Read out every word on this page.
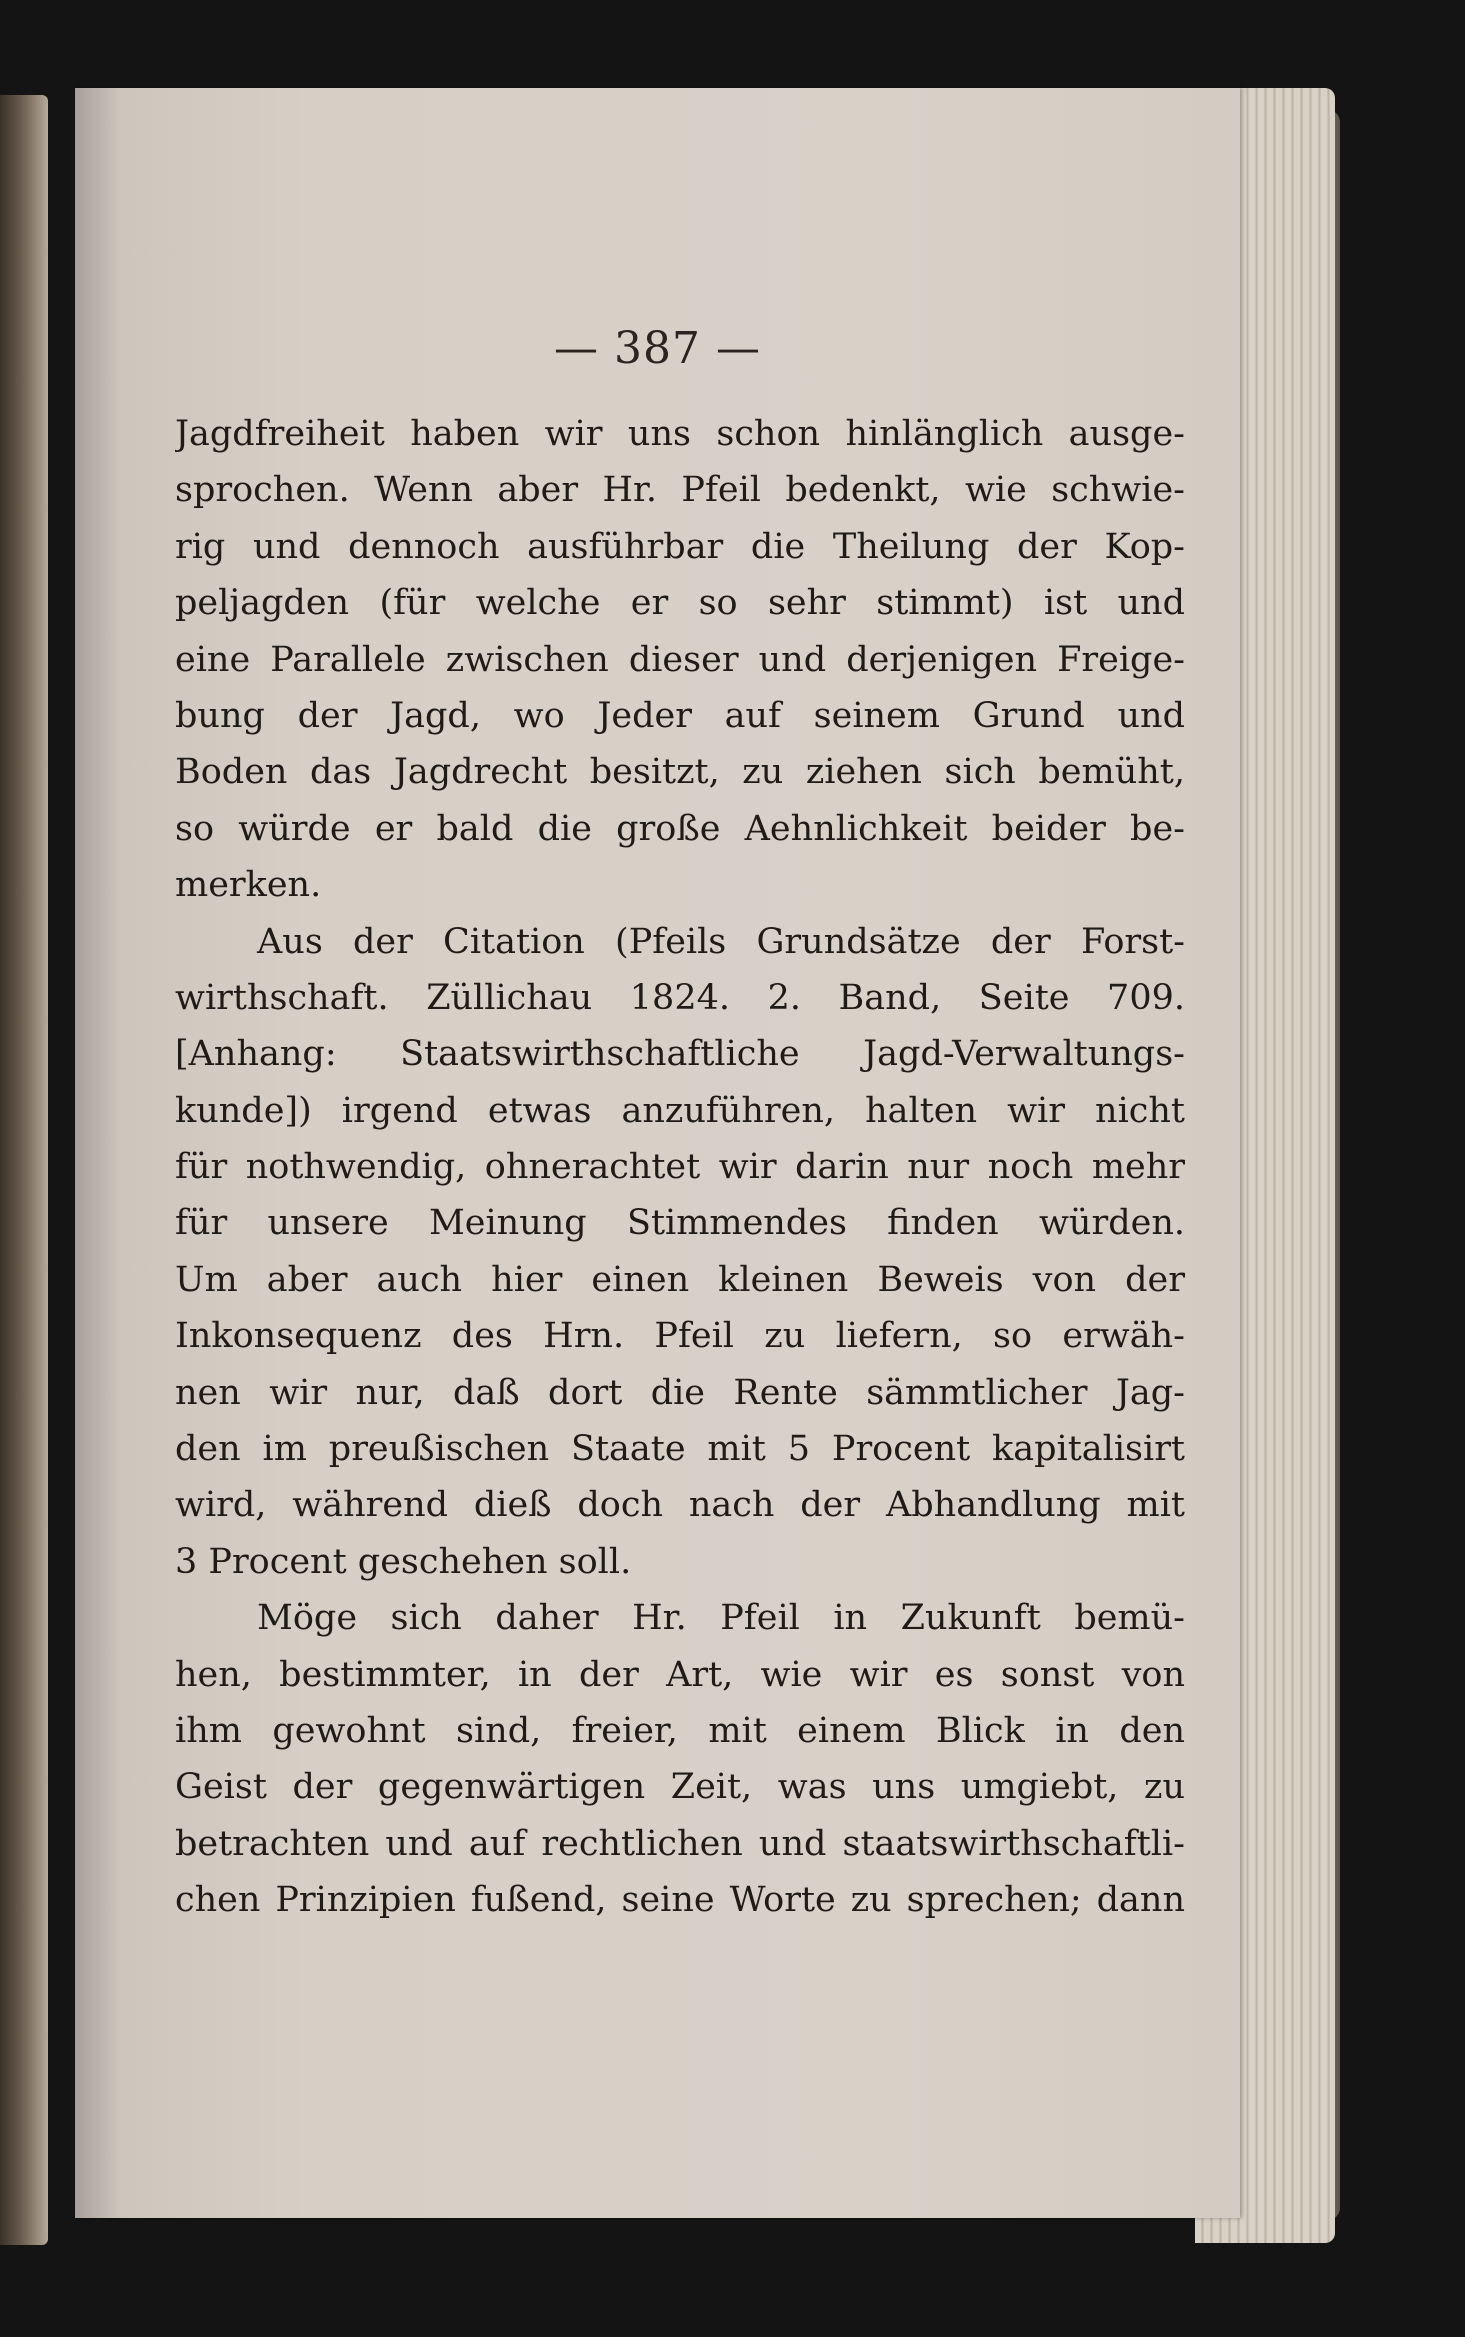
— 387 —
Jagdfreiheit haben wir uns schon hinlänglich ausge-
sprochen. Wenn aber Hr. Pfeil bedenkt, wie schwie-
rig und dennoch ausführbar die Theilung der Kop-
peljagden (für welche er so sehr stimmt) ist und
eine Parallele zwischen dieser und derjenigen Freige-
bung der Jagd, wo Jeder auf seinem Grund und
Boden das Jagdrecht besitzt, zu ziehen sich bemüht,
so würde er bald die große Aehnlichkeit beider be-
merken.
Aus der Citation (Pfeils Grundsätze der Forst-
wirthschaft. Züllichau 1824. 2. Band, Seite 709.
[Anhang: Staatswirthschaftliche Jagd-Verwaltungs-
kunde]) irgend etwas anzuführen, halten wir nicht
für nothwendig, ohnerachtet wir darin nur noch mehr
für unsere Meinung Stimmendes finden würden.
Um aber auch hier einen kleinen Beweis von der
Inkonsequenz des Hrn. Pfeil zu liefern, so erwäh-
nen wir nur, daß dort die Rente sämmtlicher Jag-
den im preußischen Staate mit 5 Procent kapitalisirt
wird, während dieß doch nach der Abhandlung mit
3 Procent geschehen soll.
Möge sich daher Hr. Pfeil in Zukunft bemü-
hen, bestimmter, in der Art, wie wir es sonst von
ihm gewohnt sind, freier, mit einem Blick in den
Geist der gegenwärtigen Zeit, was uns umgiebt, zu
betrachten und auf rechtlichen und staatswirthschaftli-
chen Prinzipien fußend, seine Worte zu sprechen; dann
